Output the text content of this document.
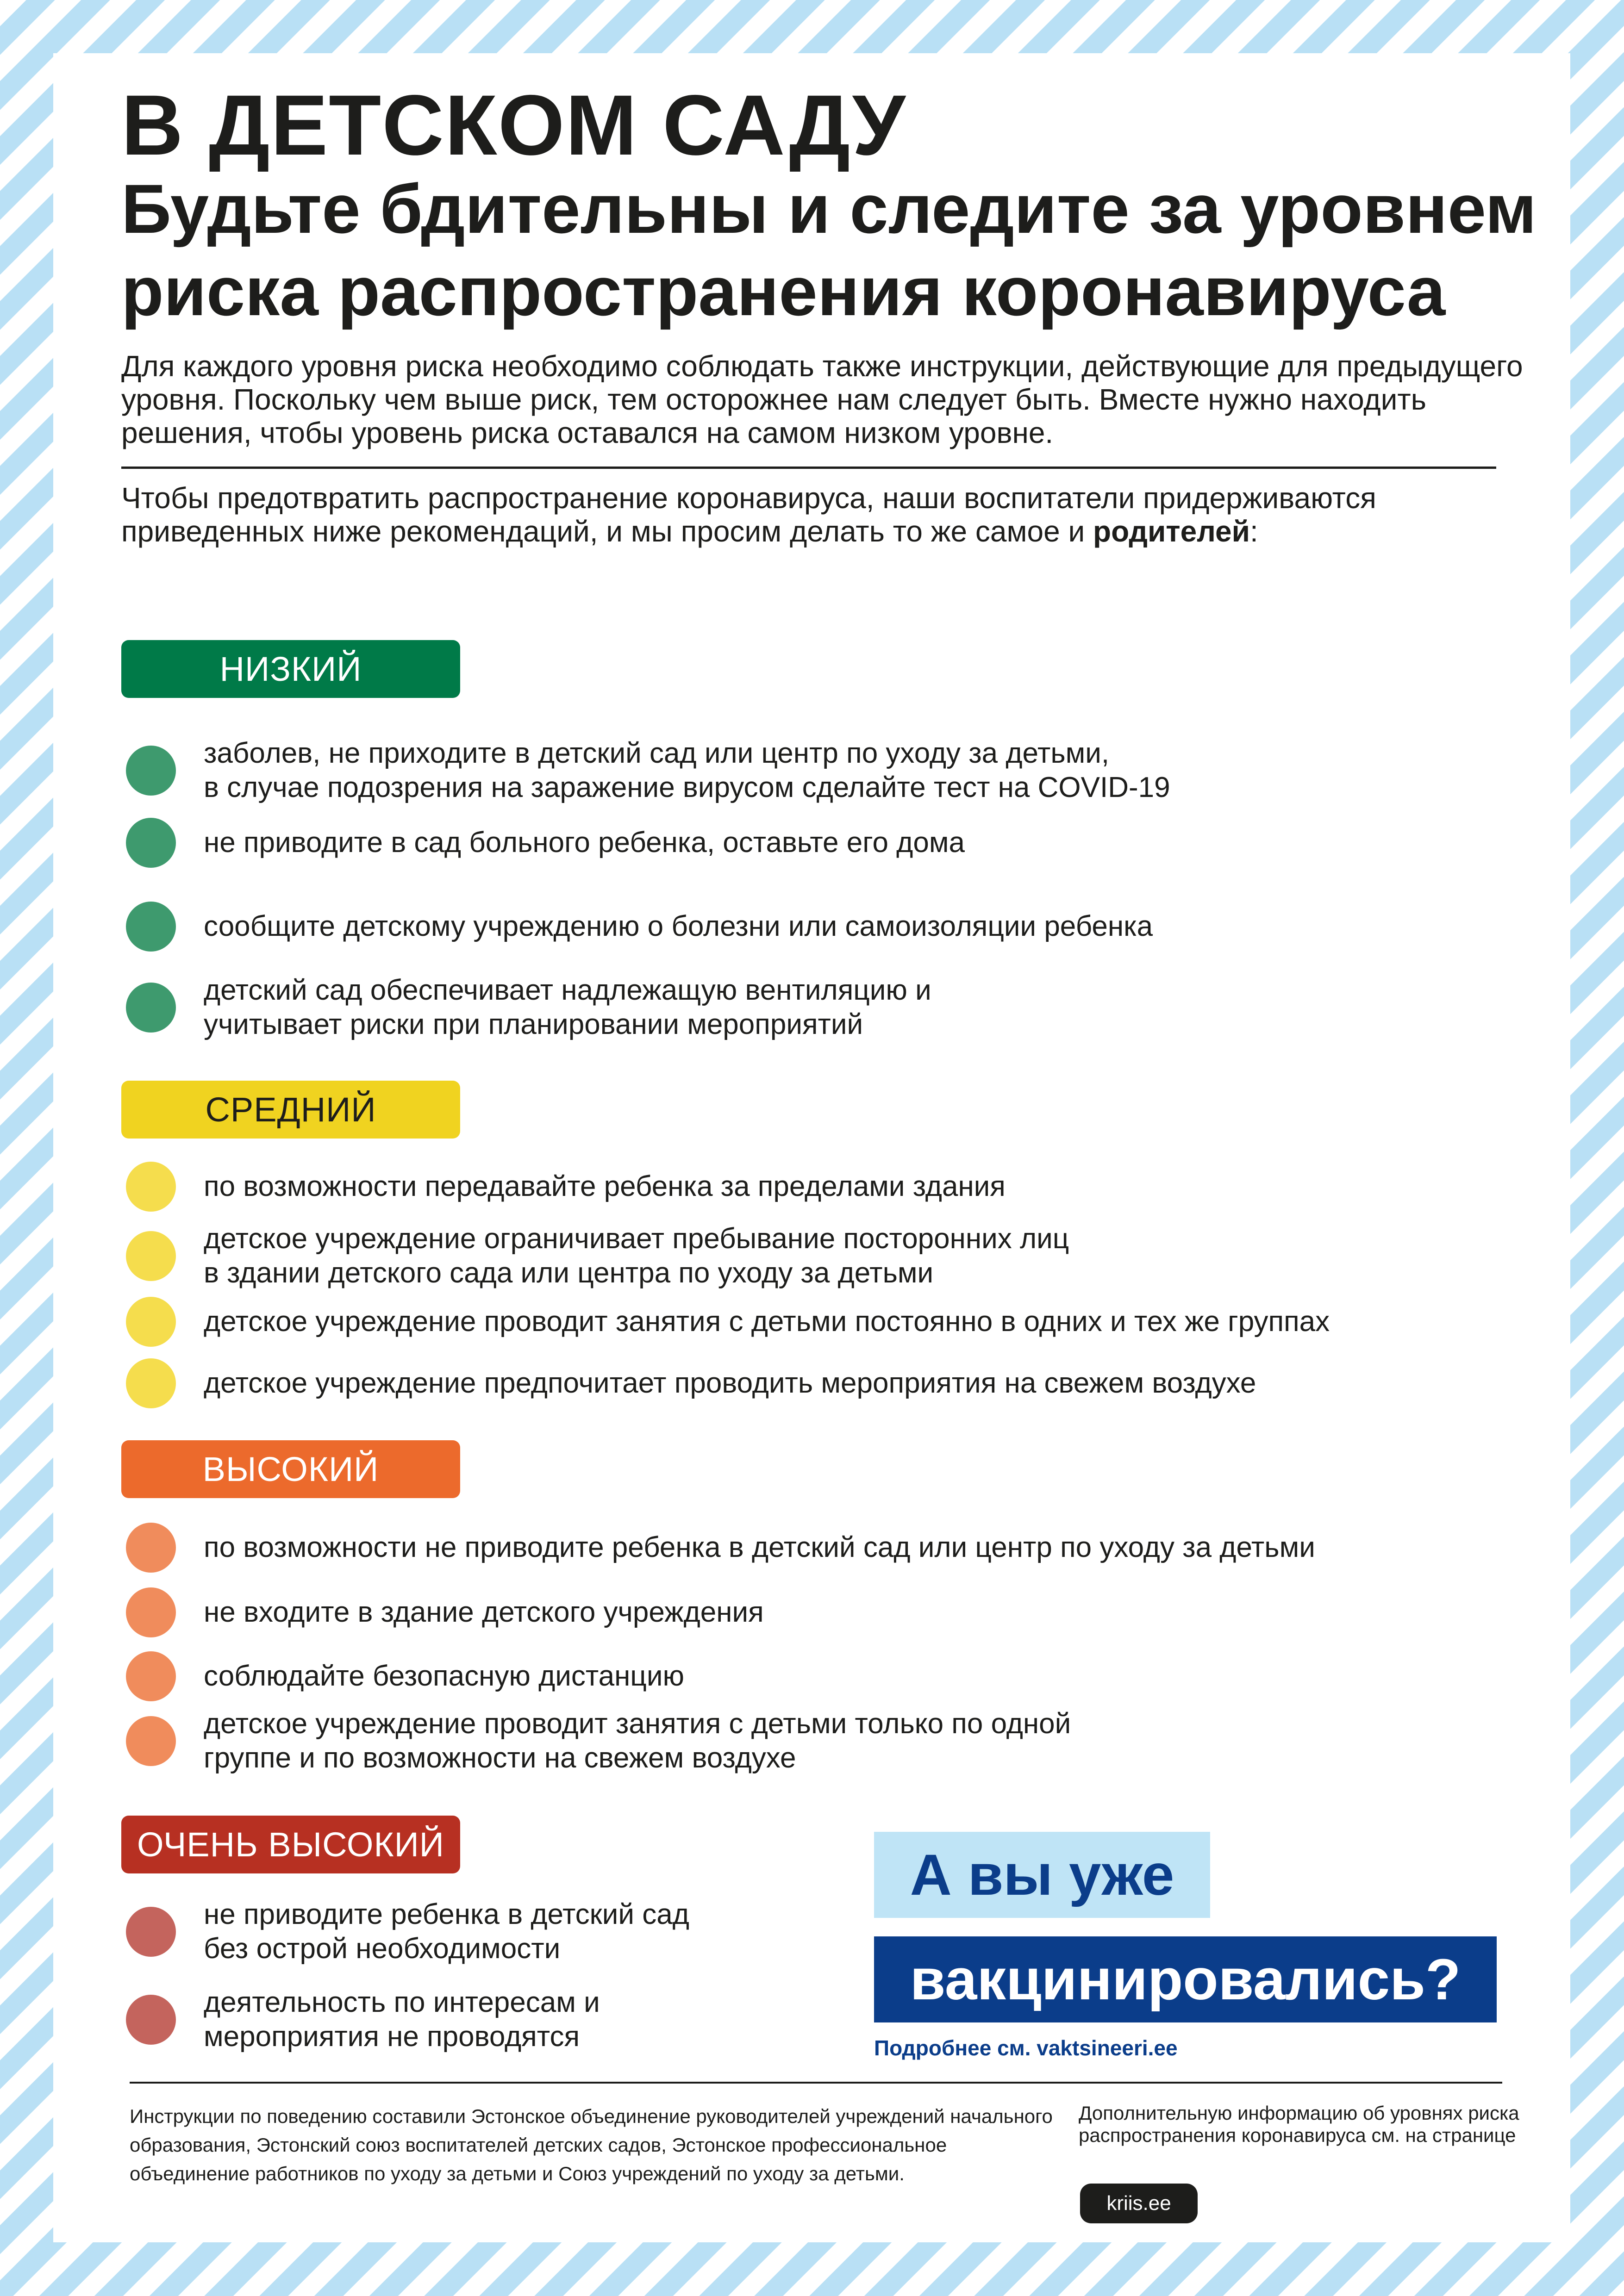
В ДЕТСКОМ САДУ
Будьте бдительны и следите за уровнем риска распространения коронавируса

Для каждого уровня риска необходимо соблюдать также инструкции, действующие для предыдущего уровня. Поскольку чем выше риск, тем осторожнее нам следует быть. Вместе нужно находить решения, чтобы уровень риска оставался на самом низком уровне.

Чтобы предотвратить распространение коронавируса, наши воспитатели придерживаются приведенных ниже рекомендаций, и мы просим делать то же самое и родителей:

НИЗКИЙ
заболев, не приходите в детский сад или центр по уходу за детьми,
в случае подозрения на заражение вирусом сделайте тест на COVID-19
не приводите в сад больного ребенка, оставьте его дома
сообщите детскому учреждению о болезни или самоизоляции ребенка
детский сад обеспечивает надлежащую вентиляцию и
учитывает риски при планировании мероприятий
СРЕДНИЙ
по возможности передавайте ребенка за пределами здания
детское учреждение ограничивает пребывание посторонних лиц
в здании детского сада или центра по уходу за детьми
детское учреждение проводит занятия с детьми постоянно в одних и тех же группах
детское учреждение предпочитает проводить мероприятия на свежем воздухе
ВЫСОКИЙ
по возможности не приводите ребенка в детский сад или центр по уходу за детьми
не входите в здание детского учреждения
соблюдайте безопасную дистанцию
детское учреждение проводит занятия с детьми только по одной
группе и по возможности на свежем воздухе
ОЧЕНЬ ВЫСОКИЙ
не приводите ребенка в детский сад
без острой необходимости
деятельность по интересам и
мероприятия не проводятся
А вы уже
вакцинировались?
Подробнее см. vaktsineeri.ee

Инструкции по поведению составили Эстонское объединение руководителей учреждений начального образования, Эстонский союз воспитателей детских садов, Эстонское профессиональное объединение работников по уходу за детьми и Союз учреждений по уходу за детьми.

Дополнительную информацию об уровнях риска распространения коронавируса см. на странице

kriis.ee
